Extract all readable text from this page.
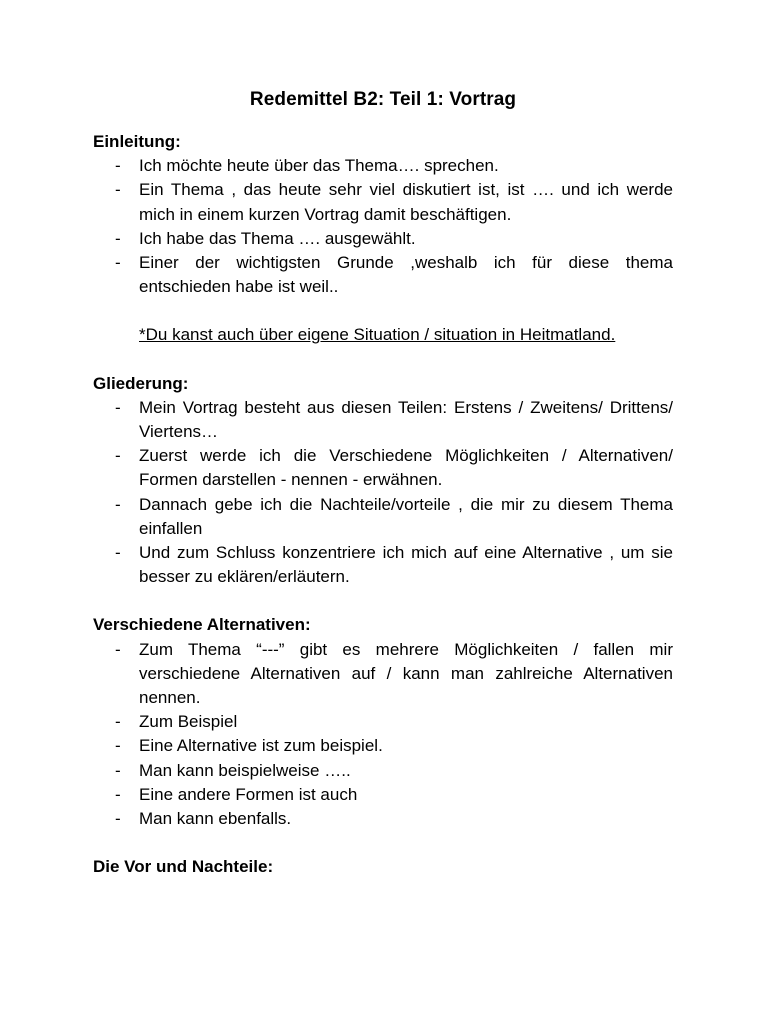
Redemittel B2: Teil 1: Vortrag
Einleitung:
- Ich möchte heute über das Thema…. sprechen.
- Ein Thema , das heute sehr viel diskutiert ist, ist …. und ich werde mich in einem kurzen Vortrag damit beschäftigen.
- Ich habe das Thema …. ausgewählt.
- Einer der wichtigsten Grunde ,weshalb ich für diese thema entschieden habe ist weil..

*Du kanst auch über eigene Situation / situation in Heitmatland.

Gliederung:
- Mein Vortrag besteht aus diesen Teilen: Erstens / Zweitens/ Drittens/ Viertens…
- Zuerst werde ich die Verschiedene Möglichkeiten / Alternativen/ Formen darstellen - nennen - erwähnen.
- Dannach gebe ich die Nachteile/vorteile , die mir zu diesem Thema einfallen
- Und zum Schluss konzentriere ich mich auf eine Alternative , um sie besser zu eklären/erläutern.
Verschiedene Alternativen:
- Zum Thema “---” gibt es mehrere Möglichkeiten / fallen mir verschiedene Alternativen auf / kann man zahlreiche Alternativen nennen.
- Zum Beispiel
- Eine Alternative ist zum beispiel.
- Man kann beispielweise …..
- Eine andere Formen ist auch
- Man kann ebenfalls.
Die Vor und Nachteile:
